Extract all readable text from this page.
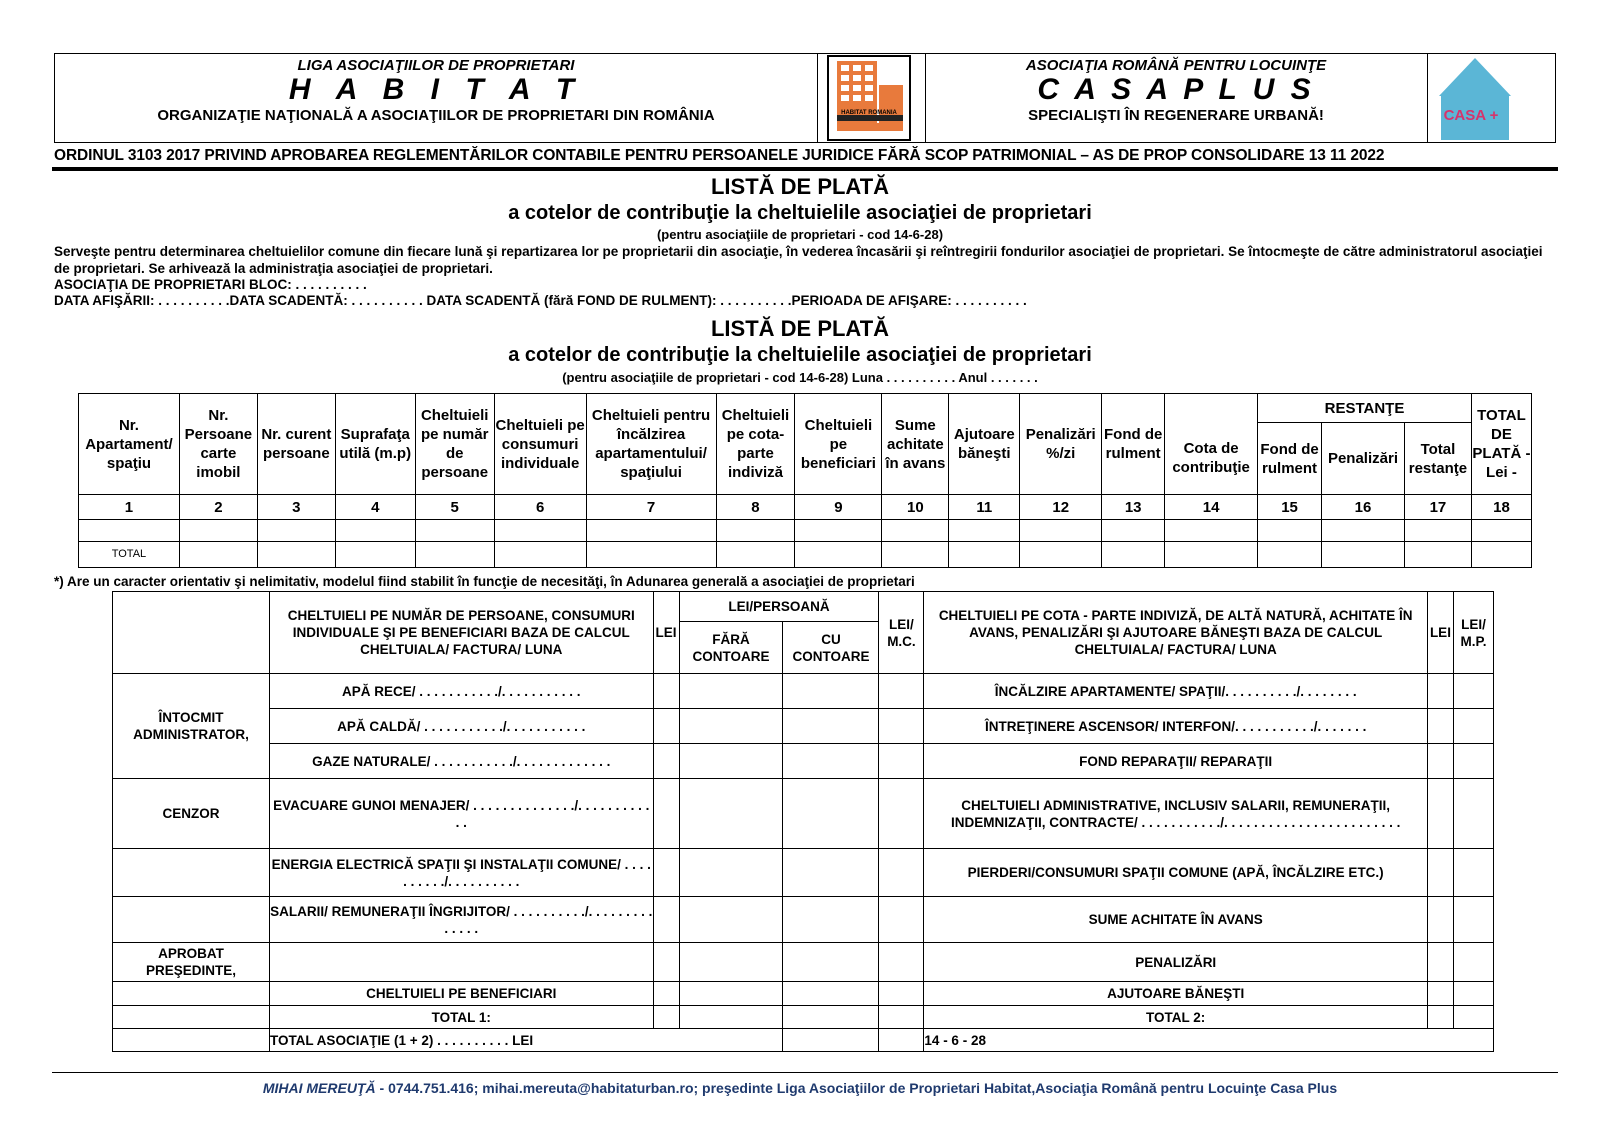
LIGA ASOCIAŢIILOR DE PROPRIETARI
H A B I T A T
ORGANIZAŢIE NAŢIONALĂ A ASOCIAŢIILOR DE PROPRIETARI DIN ROMÂNIA	HABITAT ROMANIA
ASOCIAŢIA ROMÂNĂ PENTRU LOCUINŢE
C A S A P L U S
SPECIALIŞTI ÎN REGENERARE URBANĂ!	CASA +
ORDINUL 3103 2017 PRIVIND APROBAREA REGLEMENTĂRILOR CONTABILE PENTRU PERSOANELE JURIDICE FĂRĂ SCOP PATRIMONIAL – AS DE PROP CONSOLIDARE 13 11 2022
LISTĂ DE PLATĂ
a cotelor de contribuţie la cheltuielile asociaţiei de proprietari
(pentru asociaţiile de proprietari - cod 14-6-28)
Serveşte pentru determinarea cheltuielilor comune din fiecare lună şi repartizarea lor pe proprietarii din asociaţie, în vederea încasării şi reîntregirii fondurilor asociaţiei de proprietari. Se întocmeşte de către administratorul asociaţiei de proprietari. Se arhivează la administraţia asociaţiei de proprietari.
ASOCIAŢIA DE PROPRIETARI BLOC: . . . . . . . . . .
DATA AFIŞĂRII: . . . . . . . . . .DATA SCADENTĂ: . . . . . . . . . . DATA SCADENTĂ (fără FOND DE RULMENT): . . . . . . . . . .PERIOADA DE AFIŞARE: . . . . . . . . . .
LISTĂ DE PLATĂ
a cotelor de contribuţie la cheltuielile asociaţiei de proprietari
(pentru asociaţiile de proprietari - cod 14-6-28) Luna . . . . . . . . . . Anul . . . . . . .
Nr. Apartament/ spaţiu	Nr. Persoane carte imobil	Nr. curent persoane	Suprafaţa utilă (m.p)	Cheltuieli pe număr de persoane	Cheltuieli pe consumuri individuale	Cheltuieli pentru încălzirea apartamentului/ spaţiului	Cheltuieli pe cota-parte indiviză	Cheltuieli pe beneficiari	Sume achitate în avans	Ajutoare băneşti	Penalizări %/zi	Fond de rulment		RESTANŢE			TOTAL DE PLATĂ - Lei -
													Cota de contribuţie	Fond de rulment	Penalizări	Total restanţe	
1	2	3	4	5	6	7	8	9	10	11	12	13	14	15	16	17	18

TOTAL																	
*) Are un caracter orientativ şi nelimitativ, modelul fiind stabilit în funcţie de necesităţi, în Adunarea generală a asociaţiei de proprietari
	CHELTUIELI PE NUMĂR DE PERSOANE, CONSUMURI INDIVIDUALE ŞI PE BENEFICIARI BAZA DE CALCUL CHELTUIALA/ FACTURA/ LUNA	LEI	LEI/PERSOANĂ		LEI/ M.C.	CHELTUIELI PE COTA - PARTE INDIVIZĂ, DE ALTĂ NATURĂ, ACHITATE ÎN AVANS, PENALIZĂRI ŞI AJUTOARE BĂNEŞTI BAZA DE CALCUL CHELTUIALA/ FACTURA/ LUNA	LEI	LEI/ M.P.
			FĂRĂ CONTOARE	CU CONTOARE				
ÎNTOCMIT ADMINISTRATOR,	APĂ RECE/ . . . . . . . . . . ./. . . . . . . . . . .					ÎNCĂLZIRE APARTAMENTE/ SPAŢII/. . . . . . . . . ./. . . . . . . .		
	APĂ CALDĂ/ . . . . . . . . . . ./. . . . . . . . . . .					ÎNTREŢINERE ASCENSOR/ INTERFON/. . . . . . . . . . ./. . . . . . .		
	GAZE NATURALE/ . . . . . . . . . . ./. . . . . . . . . . . . .					FOND REPARAŢII/ REPARAŢII		
CENZOR	EVACUARE GUNOI MENAJER/ . . . . . . . . . . . . . ./. . . . . . . . . . . .					CHELTUIELI ADMINISTRATIVE, INCLUSIV SALARII, REMUNERAŢII, INDEMNIZAŢII, CONTRACTE/ . . . . . . . . . . ./. . . . . . . . . . . . . . . . . . . . . . . .		
	ENERGIA ELECTRICĂ SPAŢII ŞI INSTALAŢII COMUNE/ . . . . . . . . . ./. . . . . . . . . .					PIERDERI/CONSUMURI SPAŢII COMUNE (APĂ, ÎNCĂLZIRE ETC.)		
	SALARII/ REMUNERAŢII ÎNGRIJITOR/ . . . . . . . . . ./. . . . . . . . . . . . . .					SUME ACHITATE ÎN AVANS		
APROBAT PREŞEDINTE,						PENALIZĂRI		
	CHELTUIELI PE BENEFICIARI					AJUTOARE BĂNEŞTI		
	TOTAL 1:					TOTAL 2:		
	TOTAL ASOCIAŢIE (1 + 2) . . . . . . . . . . LEI					14 - 6 - 28		
MIHAI MEREUŢĂ - 0744.751.416; mihai.mereuta@habitaturban.ro; preşedinte Liga Asociaţiilor de Proprietari Habitat,Asociaţia Română pentru Locuinţe Casa Plus
